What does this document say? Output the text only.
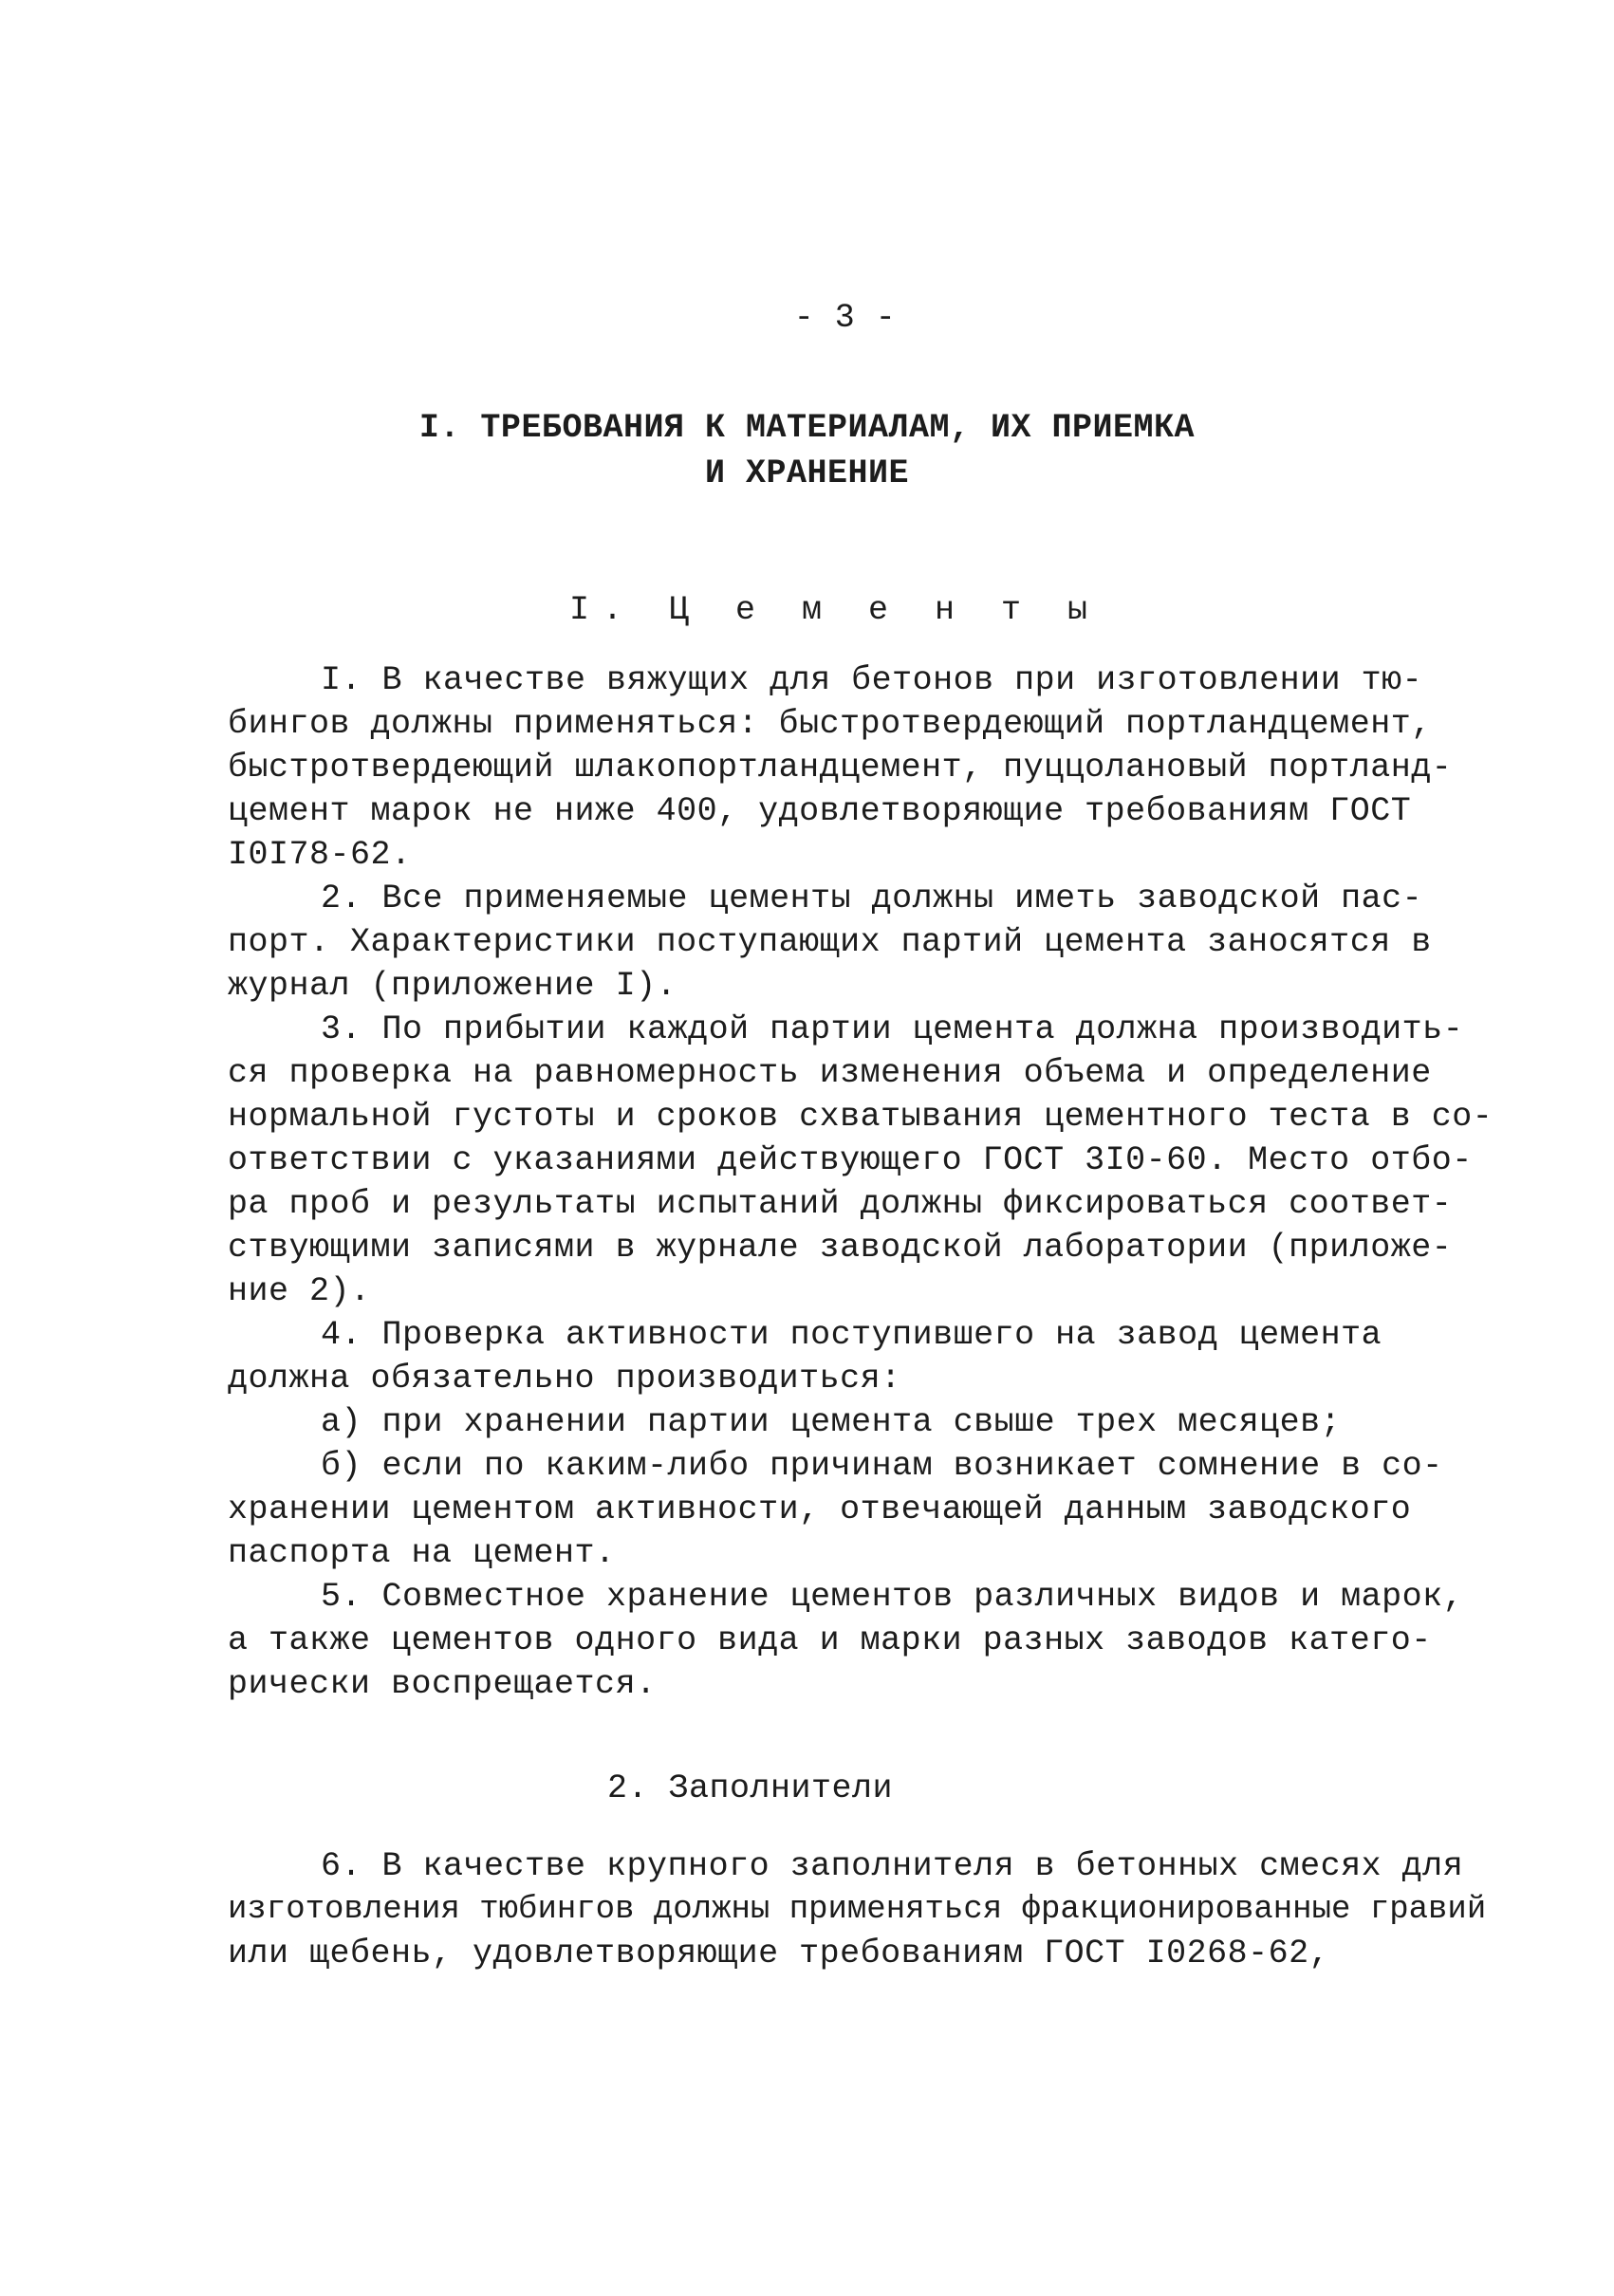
- 3 -
I. ТРЕБОВАНИЯ К МАТЕРИАЛАМ, ИХ ПРИЕМКА
И ХРАНЕНИЕ
I. Ц е м е н т ы
I. В качестве вяжущих для бетонов при изготовлении тю-
бингов должны применяться: быстротвердеющий портландцемент,
быстротвердеющий шлакопортландцемент, пуццолановый портланд-
цемент марок не ниже 400, удовлетворяющие требованиям ГОСТ
I0I78-62.
2. Все применяемые цементы должны иметь заводской пас-
порт. Характеристики поступающих партий цемента заносятся в
журнал (приложение I).
3. По прибытии каждой партии цемента должна производить-
ся проверка на равномерность изменения объема и определение
нормальной густоты и сроков схватывания цементного теста в со-
ответствии с указаниями действующего ГОСТ 3I0-60. Место отбо-
ра проб и результаты испытаний должны фиксироваться соответ-
ствующими записями в журнале заводской лаборатории (приложе-
ние 2).
4. Проверка активности поступившего на завод цемента
должна обязательно производиться:
а) при хранении партии цемента свыше трех месяцев;
б) если по каким-либо причинам возникает сомнение в со-
хранении цементом активности, отвечающей данным заводского
паспорта на цемент.
5. Совместное хранение цементов различных видов и марок,
а также цементов одного вида и марки разных заводов катего-
рически воспрещается.
2. Заполнители
6. В качестве крупного заполнителя в бетонных смесях для
изготовления тюбингов должны применяться фракционированные гравий
или щебень, удовлетворяющие требованиям ГОСТ I0268-62,
